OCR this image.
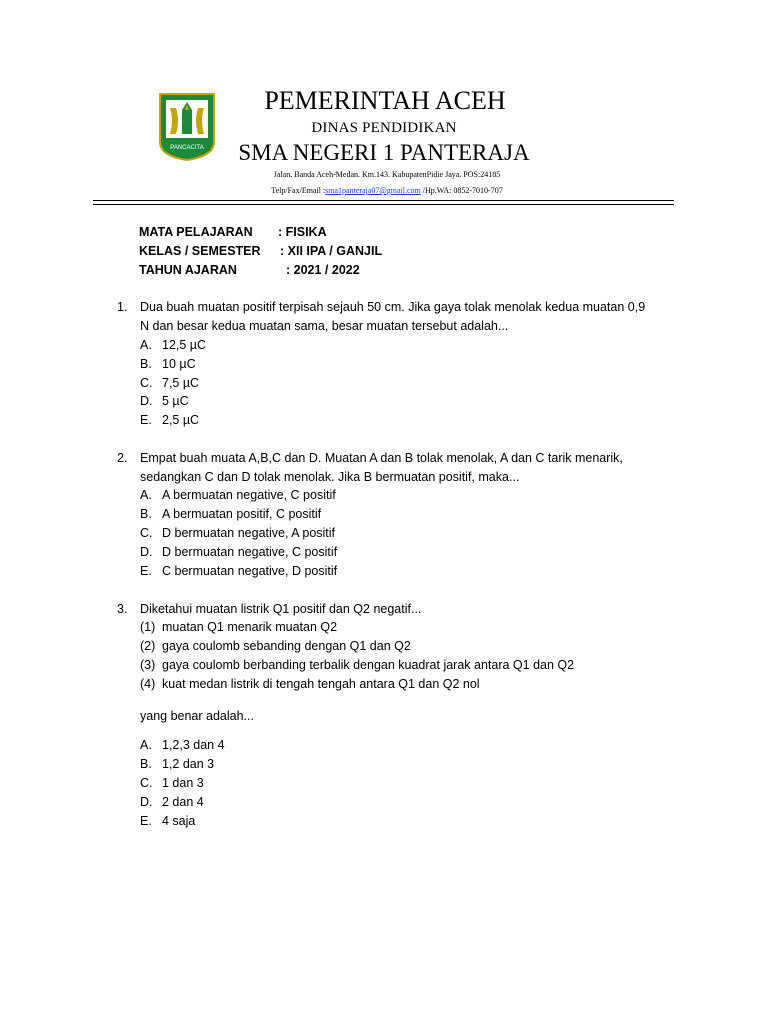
PANCACITA
PEMERINTAH ACEH
DINAS PENDIDIKAN
SMA NEGERI 1 PANTERAJA
Jalan. Banda Aceh-Medan. Km.143. KabupatenPidie Jaya. POS:24185
Telp/Fax/Email :sma1panteraja07@gmail.com /Hp.WA: 0852-7010-707
MATA PELAJARAN : FISIKA
KELAS / SEMESTER : XII IPA / GANJIL
TAHUN AJARAN	: 2021 / 2022
1. Dua buah muatan positif terpisah sejauh 50 cm. Jika gaya tolak menolak kedua muatan 0,9
N dan besar kedua muatan sama, besar muatan tersebut adalah...
A. 12,5 µC
B. 10 µC
C. 7,5 µC
D. 5 µC
E. 2,5 µC
2. Empat buah muata A,B,C dan D. Muatan A dan B tolak menolak, A dan C tarik menarik,
sedangkan C dan D tolak menolak. Jika B bermuatan positif, maka...
A. A bermuatan negative, C positif
B. A bermuatan positif, C positif
C. D bermuatan negative, A positif
D. D bermuatan negative, C positif
E. C bermuatan negative, D positif
3. Diketahui muatan listrik Q1 positif dan Q2 negatif...
(1) muatan Q1 menarik muatan Q2
(2) gaya coulomb sebanding dengan Q1 dan Q2
(3) gaya coulomb berbanding terbalik dengan kuadrat jarak antara Q1 dan Q2
(4) kuat medan listrik di tengah tengah antara Q1 dan Q2 nol
yang benar adalah...
A. 1,2,3 dan 4
B. 1,2 dan 3
C. 1 dan 3
D. 2 dan 4
E. 4 saja
